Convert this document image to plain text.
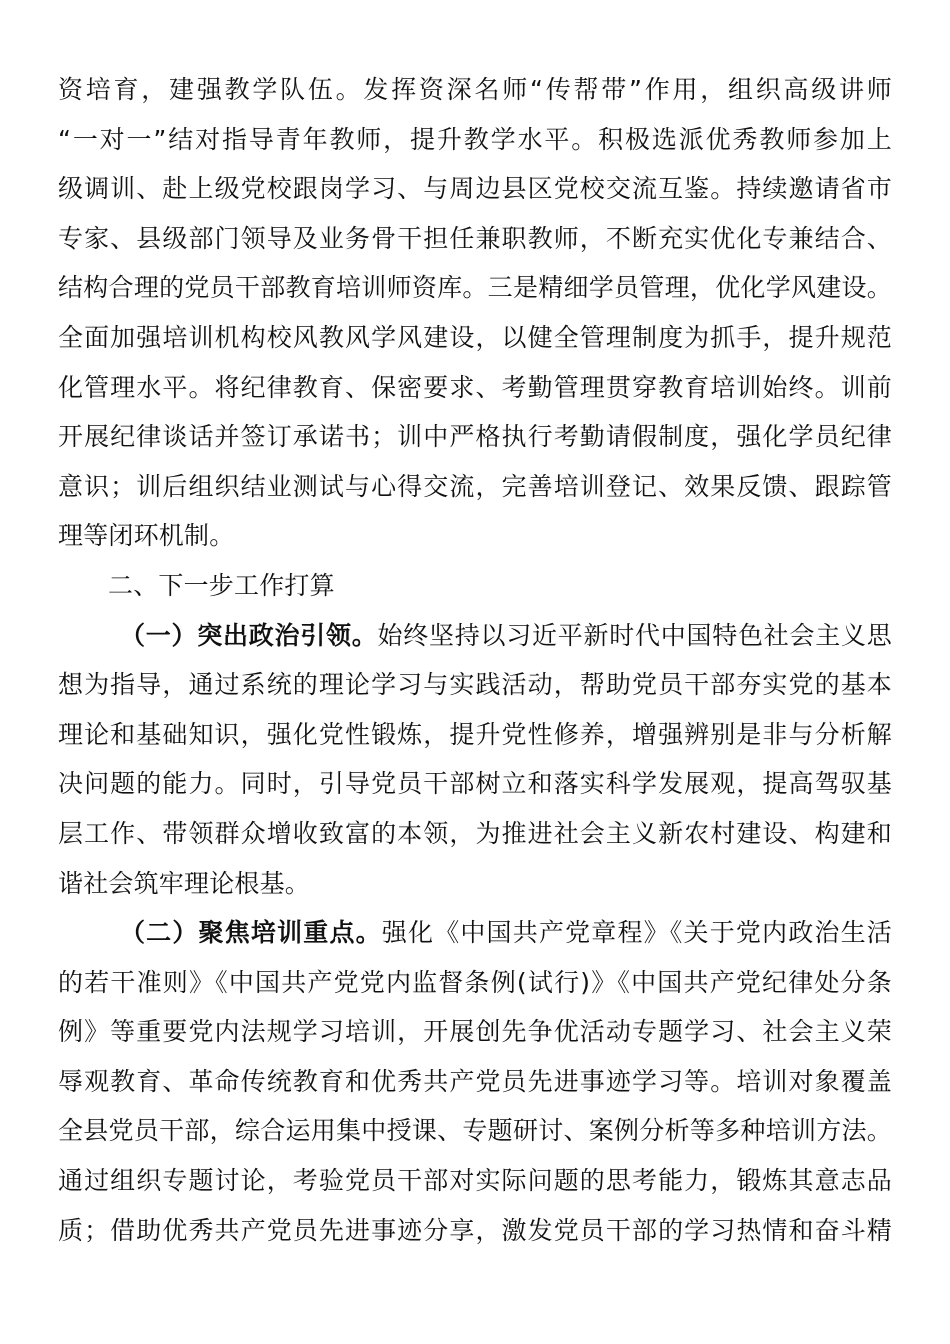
资培育，建强教学队伍。发挥资深名师“传帮带”作用，组织高级讲师
“一对一”结对指导青年教师，提升教学水平。积极选派优秀教师参加上
级调训、赴上级党校跟岗学习、与周边县区党校交流互鉴。持续邀请省市
专家、县级部门领导及业务骨干担任兼职教师，不断充实优化专兼结合、
结构合理的党员干部教育培训师资库。三是精细学员管理，优化学风建设。
全面加强培训机构校风教风学风建设，以健全管理制度为抓手，提升规范
化管理水平。将纪律教育、保密要求、考勤管理贯穿教育培训始终。训前
开展纪律谈话并签订承诺书；训中严格执行考勤请假制度，强化学员纪律
意识；训后组织结业测试与心得交流，完善培训登记、效果反馈、跟踪管
理等闭环机制。
二、下一步工作打算
（一）突出政治引领。始终坚持以习近平新时代中国特色社会主义思
想为指导，通过系统的理论学习与实践活动，帮助党员干部夯实党的基本
理论和基础知识，强化党性锻炼，提升党性修养，增强辨别是非与分析解
决问题的能力。同时，引导党员干部树立和落实科学发展观，提高驾驭基
层工作、带领群众增收致富的本领，为推进社会主义新农村建设、构建和
谐社会筑牢理论根基。
（二）聚焦培训重点。强化《中国共产党章程》《关于党内政治生活
的若干准则》《中国共产党党内监督条例(试行)》《中国共产党纪律处分条
例》等重要党内法规学习培训，开展创先争优活动专题学习、社会主义荣
辱观教育、革命传统教育和优秀共产党员先进事迹学习等。培训对象覆盖
全县党员干部，综合运用集中授课、专题研讨、案例分析等多种培训方法。
通过组织专题讨论，考验党员干部对实际问题的思考能力，锻炼其意志品
质；借助优秀共产党员先进事迹分享，激发党员干部的学习热情和奋斗精
